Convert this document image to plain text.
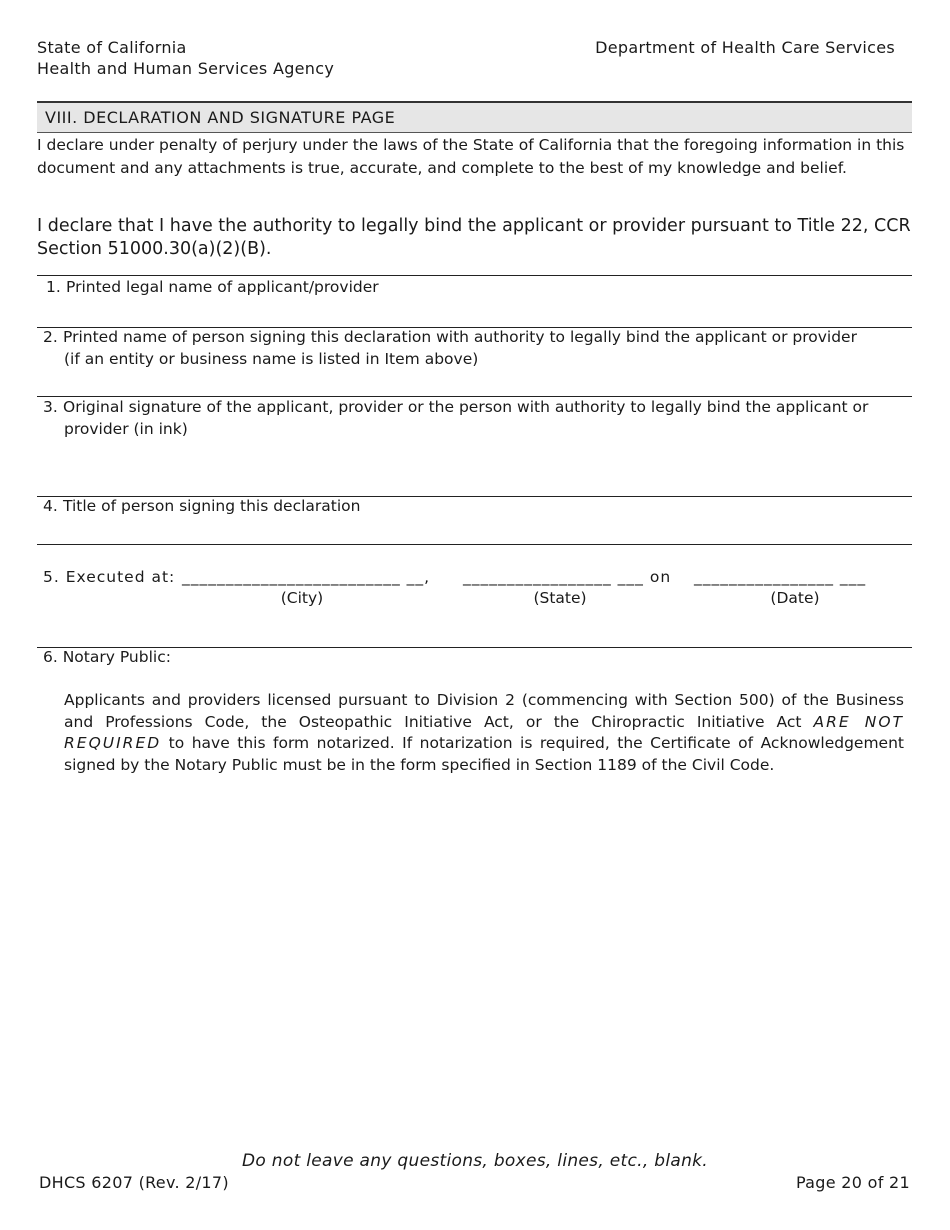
State of California
Health and Human Services Agency
Department of Health Care Services
VIII. DECLARATION AND SIGNATURE PAGE
I declare under penalty of perjury under the laws of the State of California that the foregoing information in this document and any attachments is true, accurate, and complete to the best of my knowledge and belief.
I declare that I have the authority to legally bind the applicant or provider pursuant to Title 22, CCR Section 51000.30(a)(2)(B).
1. Printed legal name of applicant/provider
2. Printed name of person signing this declaration with authority to legally bind the applicant or provider
(if an entity or business name is listed in Item above)
3. Original signature of the applicant, provider or the person with authority to legally bind the applicant or
provider (in ink)
4. Title of person signing this declaration
5. Executed at: _________________________ __, _________________ ___ on ________________ ___
(City)	(State)	(Date)
6. Notary Public:
Applicants and providers licensed pursuant to Division 2 (commencing with Section 500) of the Business and Professions Code, the Osteopathic Initiative Act, or the Chiropractic Initiative Act ARE NOT REQUIRED to have this form notarized. If notarization is required, the Certificate of Acknowledgement signed by the Notary Public must be in the form specified in Section 1189 of the Civil Code.
Do not leave any questions, boxes, lines, etc., blank.
DHCS 6207 (Rev. 2/17)	Page 20 of 21
